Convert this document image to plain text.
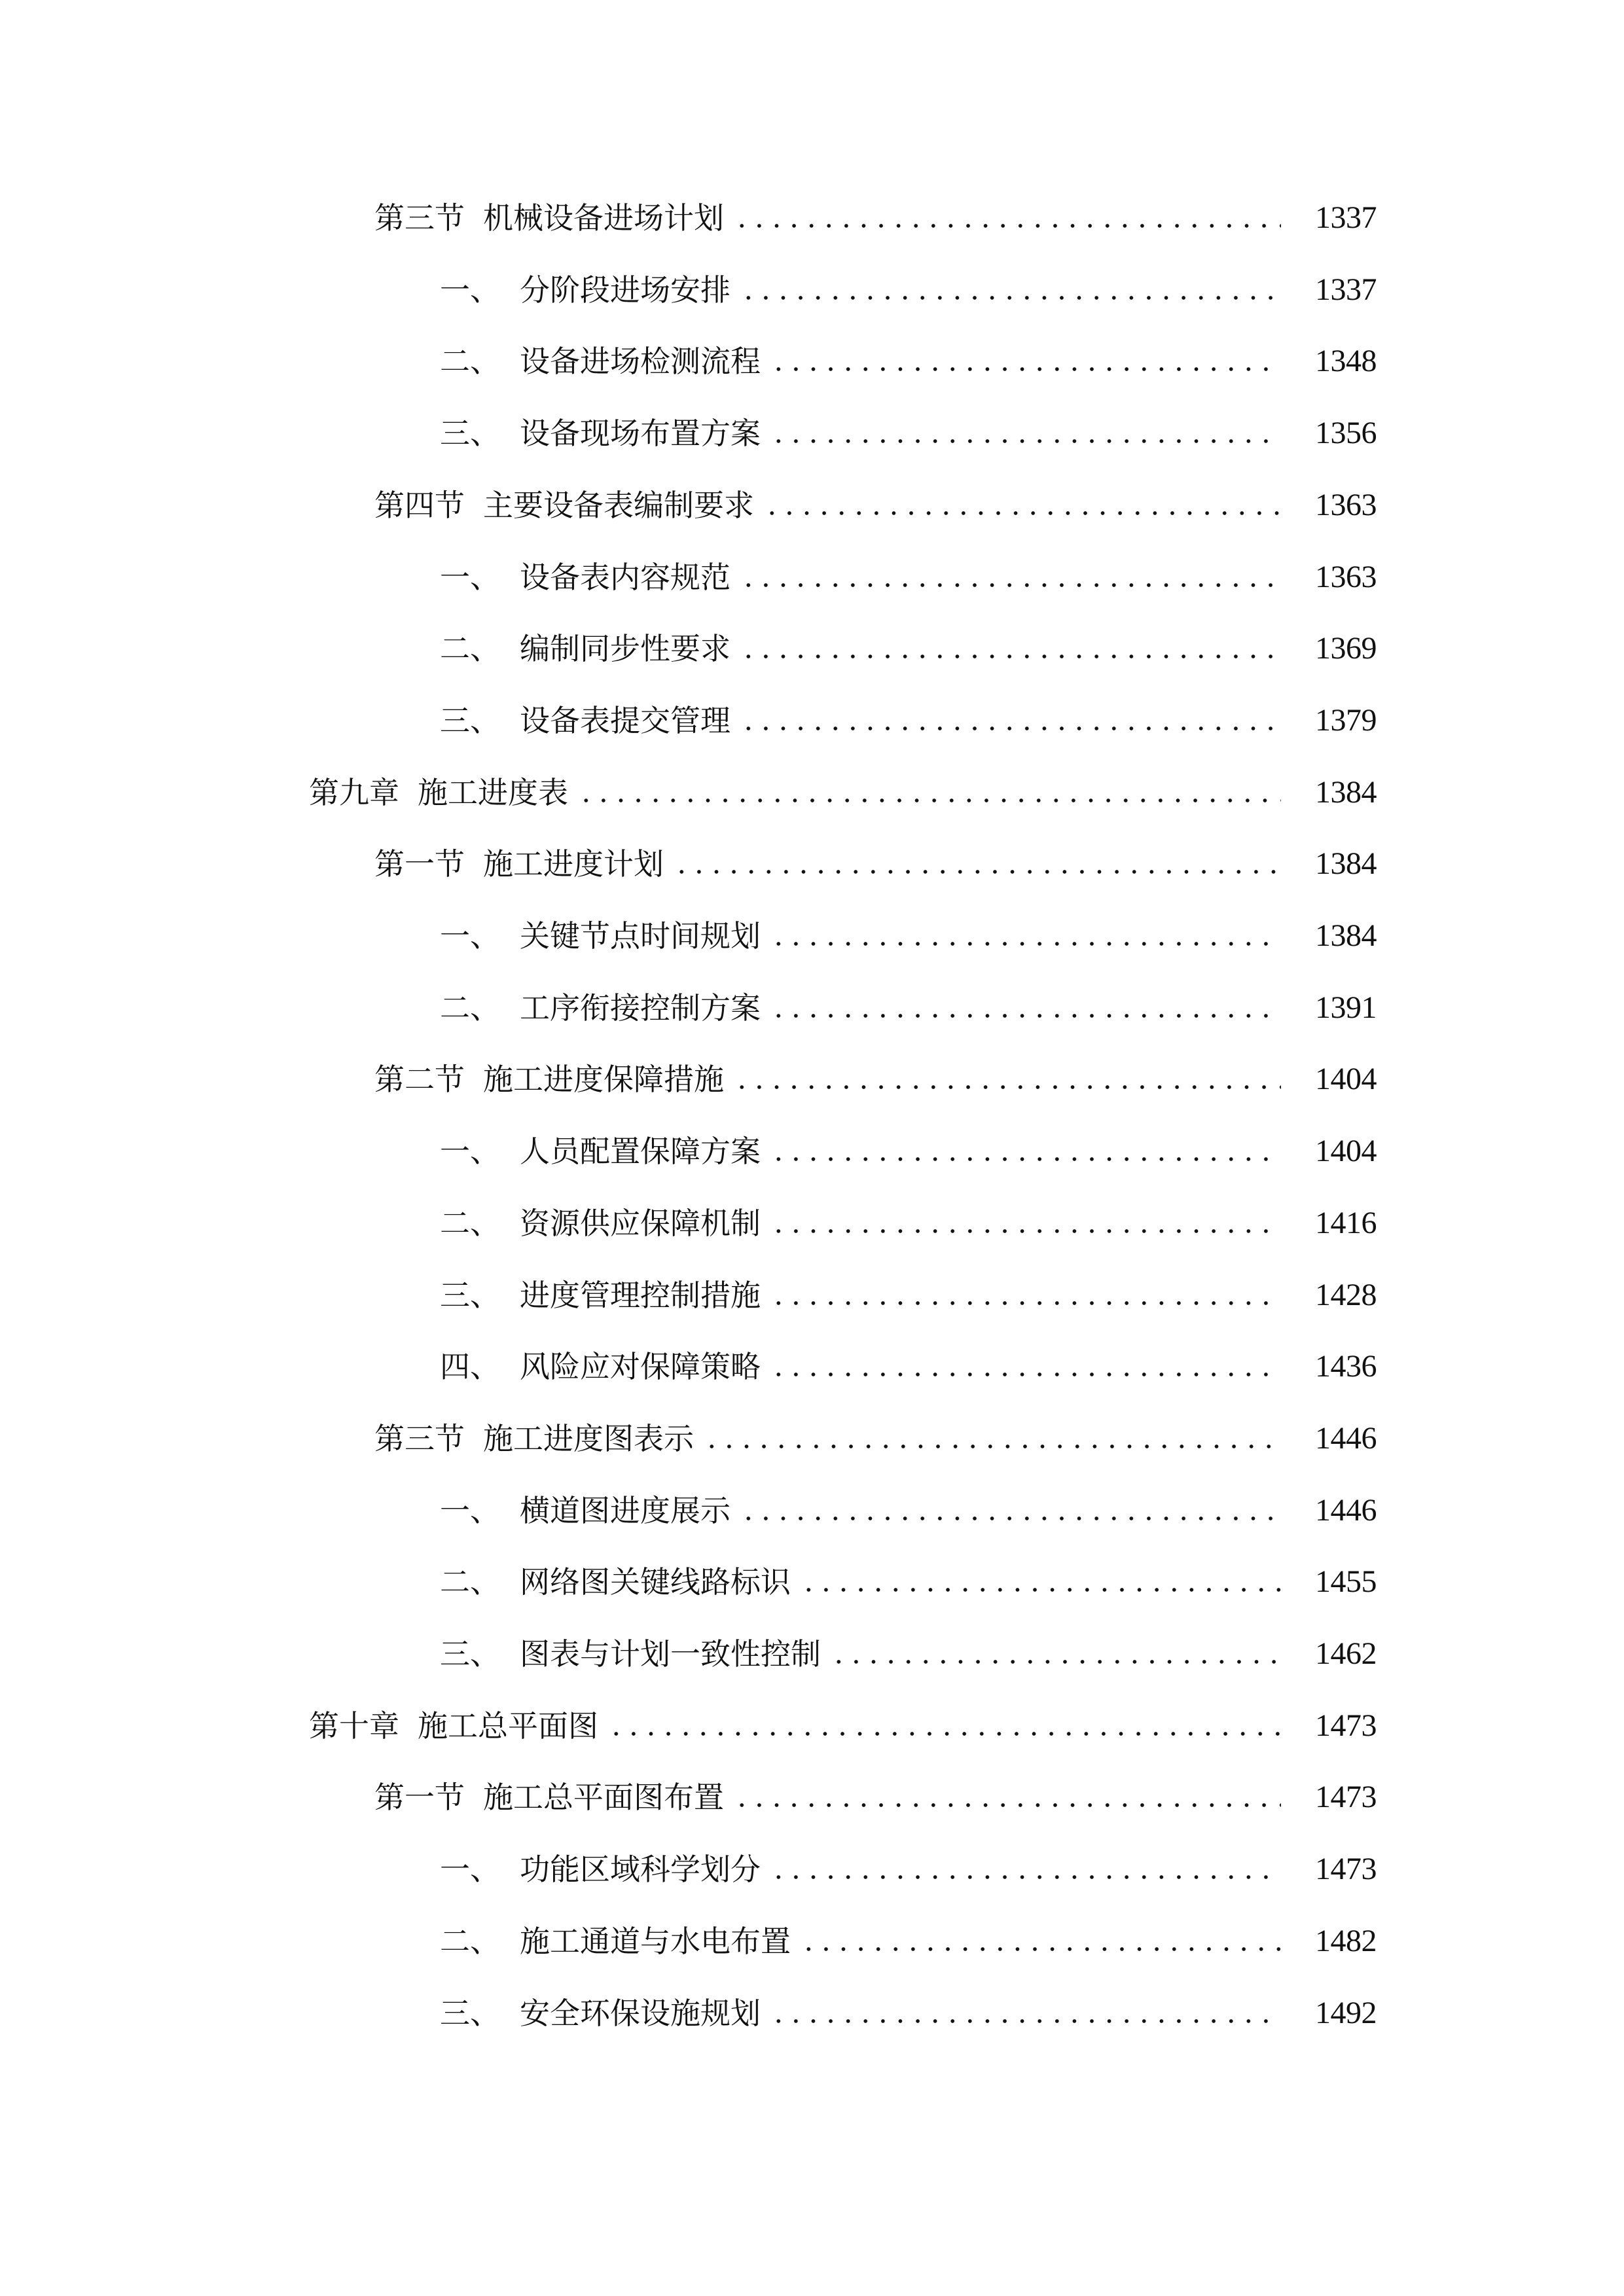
第三节 机械设备进场计划	1337
一、 分阶段进场安排	1337
二、 设备进场检测流程	1348
三、 设备现场布置方案	1356
第四节 主要设备表编制要求	1363
一、 设备表内容规范	1363
二、 编制同步性要求	1369
三、 设备表提交管理	1379
第九章 施工进度表	1384
第一节 施工进度计划	1384
一、 关键节点时间规划	1384
二、 工序衔接控制方案	1391
第二节 施工进度保障措施	1404
一、 人员配置保障方案	1404
二、 资源供应保障机制	1416
三、 进度管理控制措施	1428
四、 风险应对保障策略	1436
第三节 施工进度图表示	1446
一、 横道图进度展示	1446
二、 网络图关键线路标识	1455
三、 图表与计划一致性控制	1462
第十章 施工总平面图	1473
第一节 施工总平面图布置	1473
一、 功能区域科学划分	1473
二、 施工通道与水电布置	1482
三、 安全环保设施规划	1492
